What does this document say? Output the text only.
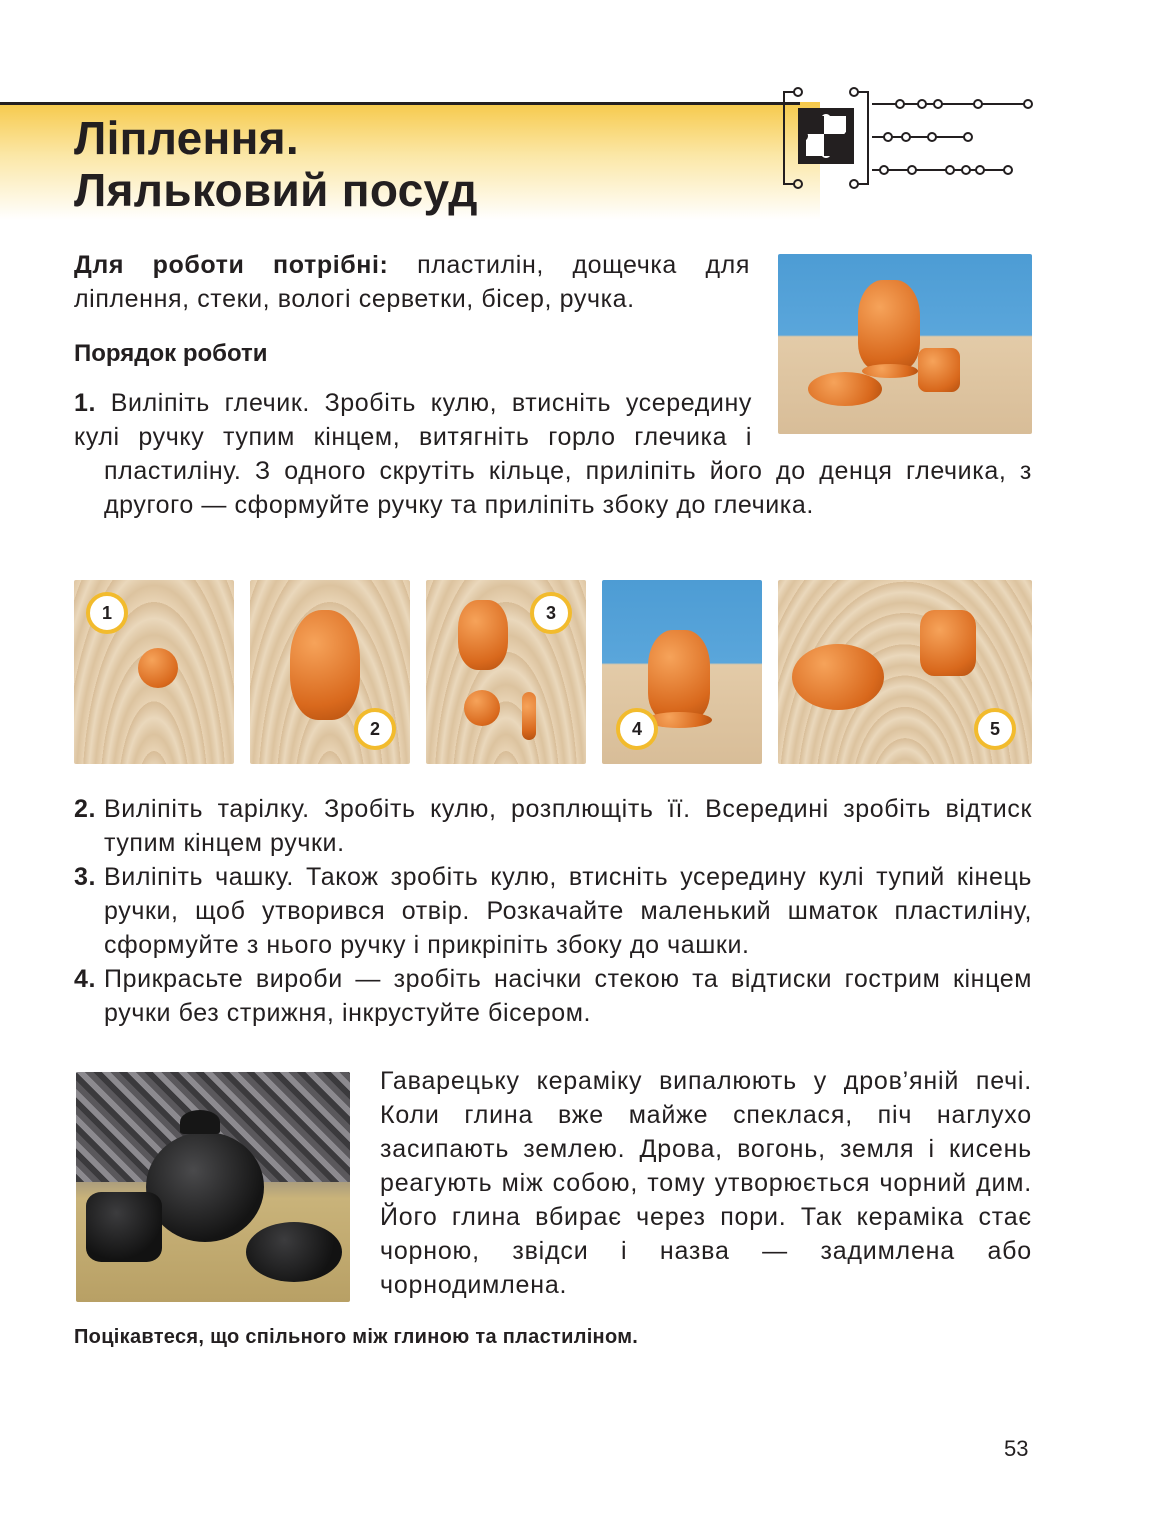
Ліплення.
Ляльковий посуд
Для роботи потрібні: пластилін, дощечка для ліплення, стеки, вологі серветки, бісер, ручка.
Порядок роботи
1. Виліпіть глечик. Зробіть кулю, втисніть усередину кулі ручку тупим кінцем, витягніть горло глечика і
пластиліну. З одного скрутіть кільце, приліпіть його до денця глечика, з другого — сформуйте ручку та приліпіть збоку до глечика.
1
2
3
4	5
2. Виліпіть тарілку. Зробіть кулю, розплющіть її. Всередині зробіть відтиск тупим кінцем ручки.
3. Виліпіть чашку. Також зробіть кулю, втисніть усередину кулі тупий кінець ручки, щоб утворився отвір. Розкачайте маленький шматок пластиліну, сформуйте з нього ручку і прикріпіть збоку до чашки.
4. Прикрасьте вироби — зробіть насічки стекою та відтиски гострим кінцем ручки без стрижня, інкрустуйте бісером.
Гаварецьку кераміку випалюють у дров’яній печі. Коли глина вже майже спеклася, піч наглухо засипають землею. Дрова, вогонь, земля і кисень реагують між собою, тому утворюється чорний дим. Його глина вбирає через пори. Так кераміка стає чорною, звідси і назва — задимлена або чорнодимлена.
Поцікавтеся, що спільного між глиною та пластиліном.
53
